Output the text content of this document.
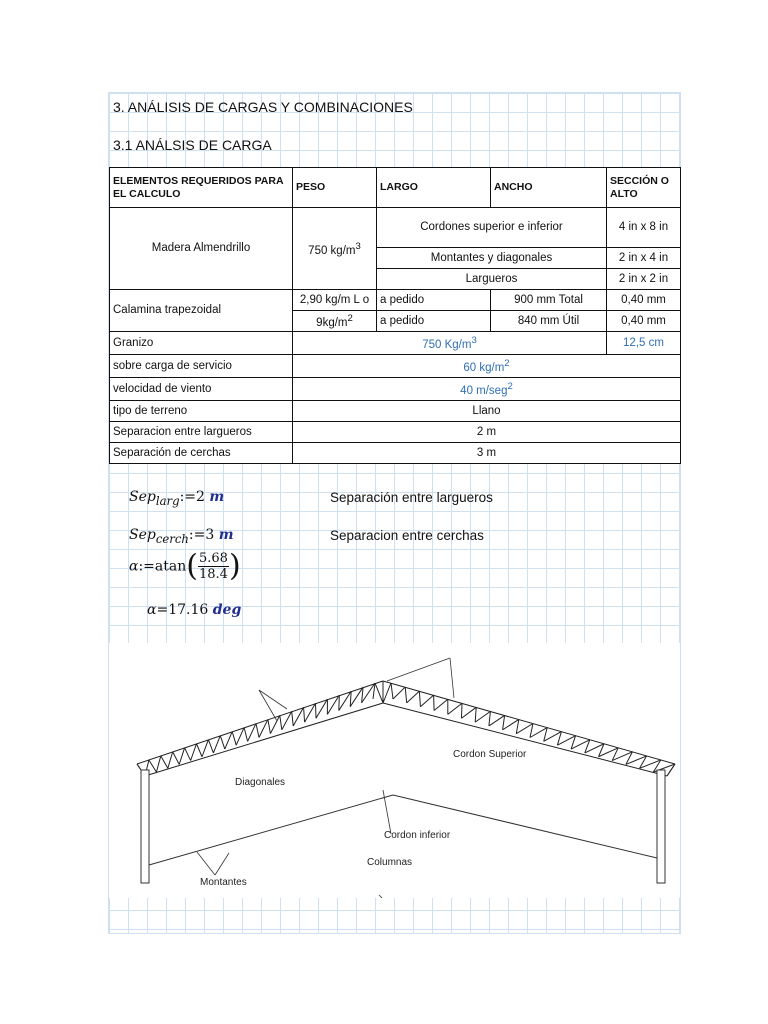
3. ANÁLISIS DE CARGAS Y COMBINACIONES
3.1 ANÁLSIS DE CARGA
ELEMENTOS REQUERIDOS PARA EL CALCULO	PESO	LARGO	ANCHO	SECCIÓN O ALTO
Madera Almendrillo	750 $kg/m^3$	Cordones superior e inferior		4 in x 8 in
		Montantes y diagonales		2 in x 4 in
		Largueros		2 in x 2 in
Calamina trapezoidal	2,90 kg/m L o	a pedido	900 mm Total	0,40 mm
	$9kg/m^2$	a pedido	840 mm Útil	0,40 mm
Granizo	750 $Kg/m^3$			12,5 cm
sobre carga de servicio	60 $kg/m^2$
velocidad de viento	40 m/seg$^2$
tipo de terreno	Llano			
Separacion entre largueros	2 m			
Separación de cerchas	3 m			
Sep$_{larg}$:=2 m	Separación entre largueros
Sep$_{cerch}$:=3 m	Separacion entre cerchas
α:=atan( $\frac{5.68}{18.4}$ )
α=17.16 deg
Cordon Superior
Diagonales
Cordon inferior
Montantes
Columnas
